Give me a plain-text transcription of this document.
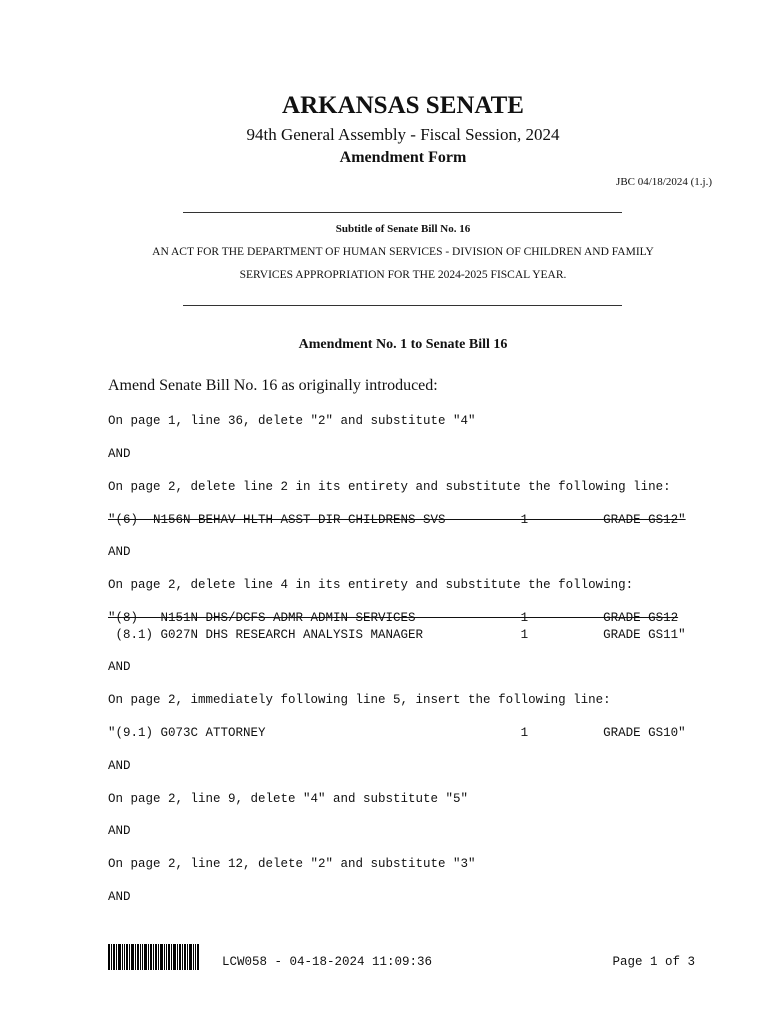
ARKANSAS SENATE
94th General Assembly - Fiscal Session, 2024
Amendment Form
JBC 04/18/2024 (1.j.)
Subtitle of Senate Bill No. 16
AN ACT FOR THE DEPARTMENT OF HUMAN SERVICES - DIVISION OF CHILDREN AND FAMILY
SERVICES APPROPRIATION FOR THE 2024-2025 FISCAL YEAR.
Amendment No. 1 to Senate Bill 16
Amend Senate Bill No. 16 as originally introduced:
On page 1, line 36, delete "2" and substitute "4"
AND
On page 2, delete line 2 in its entirety and substitute the following line:
"(6)  N156N BEHAV HLTH ASST DIR CHILDRENS SVS          1          GRADE GS12"
AND
On page 2, delete line 4 in its entirety and substitute the following:
"(8)   N151N DHS/DCFS ADMR ADMIN SERVICES              1          GRADE GS12
(8.1) G027N DHS RESEARCH ANALYSIS MANAGER             1          GRADE GS11"
AND
On page 2, immediately following line 5, insert the following line:
"(9.1) G073C ATTORNEY                                  1          GRADE GS10"
AND
On page 2, line 9, delete "4" and substitute "5"
AND
On page 2, line 12, delete "2" and substitute "3"
AND
LCW058 - 04-18-2024 11:09:36	Page 1 of 3
